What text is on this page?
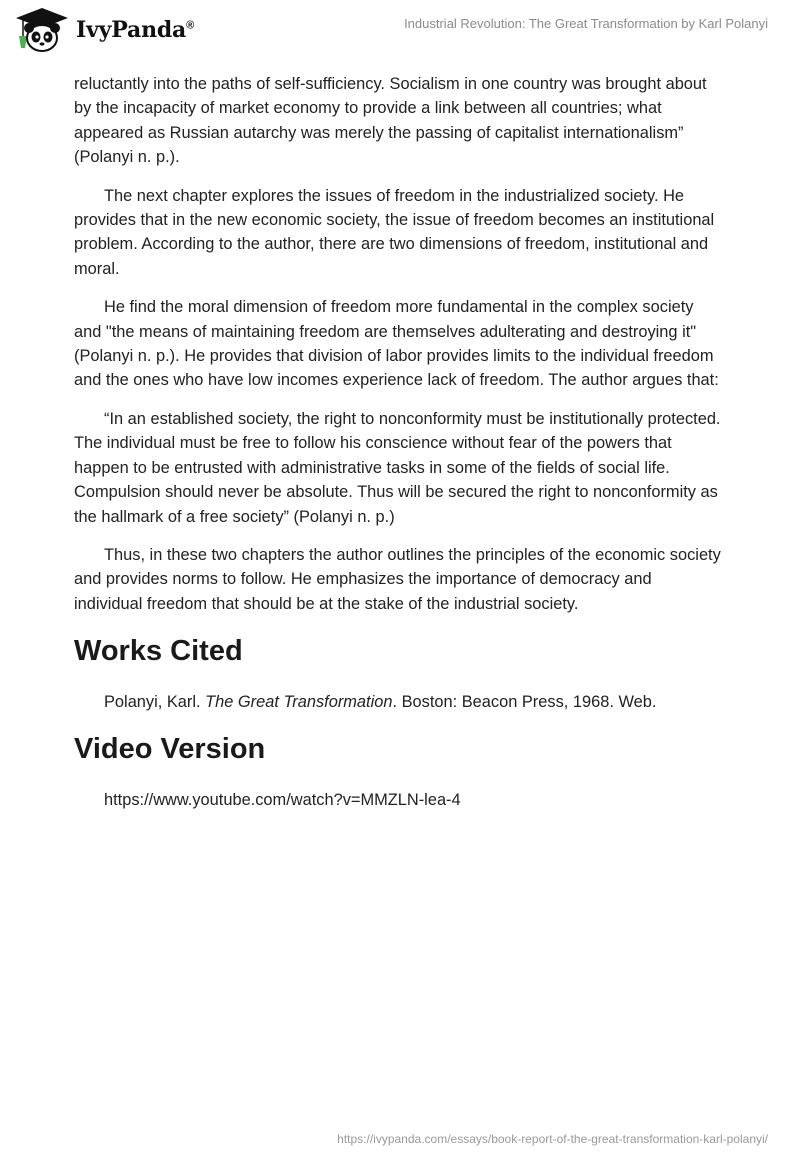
IvyPanda®	Industrial Revolution: The Great Transformation by Karl Polanyi

reluctantly into the paths of self-sufficiency. Socialism in one country was brought about by the incapacity of market economy to provide a link between all countries; what appeared as Russian autarchy was merely the passing of capitalist internationalism” (Polanyi n. p.).

The next chapter explores the issues of freedom in the industrialized society. He provides that in the new economic society, the issue of freedom becomes an institutional problem. According to the author, there are two dimensions of freedom, institutional and moral.

He find the moral dimension of freedom more fundamental in the complex society and "the means of maintaining freedom are themselves adulterating and destroying it" (Polanyi n. p.). He provides that division of labor provides limits to the individual freedom and the ones who have low incomes experience lack of freedom. The author argues that:

“In an established society, the right to nonconformity must be institutionally protected. The individual must be free to follow his conscience without fear of the powers that happen to be entrusted with administrative tasks in some of the fields of social life. Compulsion should never be absolute. Thus will be secured the right to nonconformity as the hallmark of a free society” (Polanyi n. p.)

Thus, in these two chapters the author outlines the principles of the economic society and provides norms to follow. He emphasizes the importance of democracy and individual freedom that should be at the stake of the industrial society.

Works Cited

Polanyi, Karl. The Great Transformation. Boston: Beacon Press, 1968. Web.

Video Version

https://www.youtube.com/watch?v=MMZLN-lea-4

https://ivypanda.com/essays/book-report-of-the-great-transformation-karl-polanyi/
